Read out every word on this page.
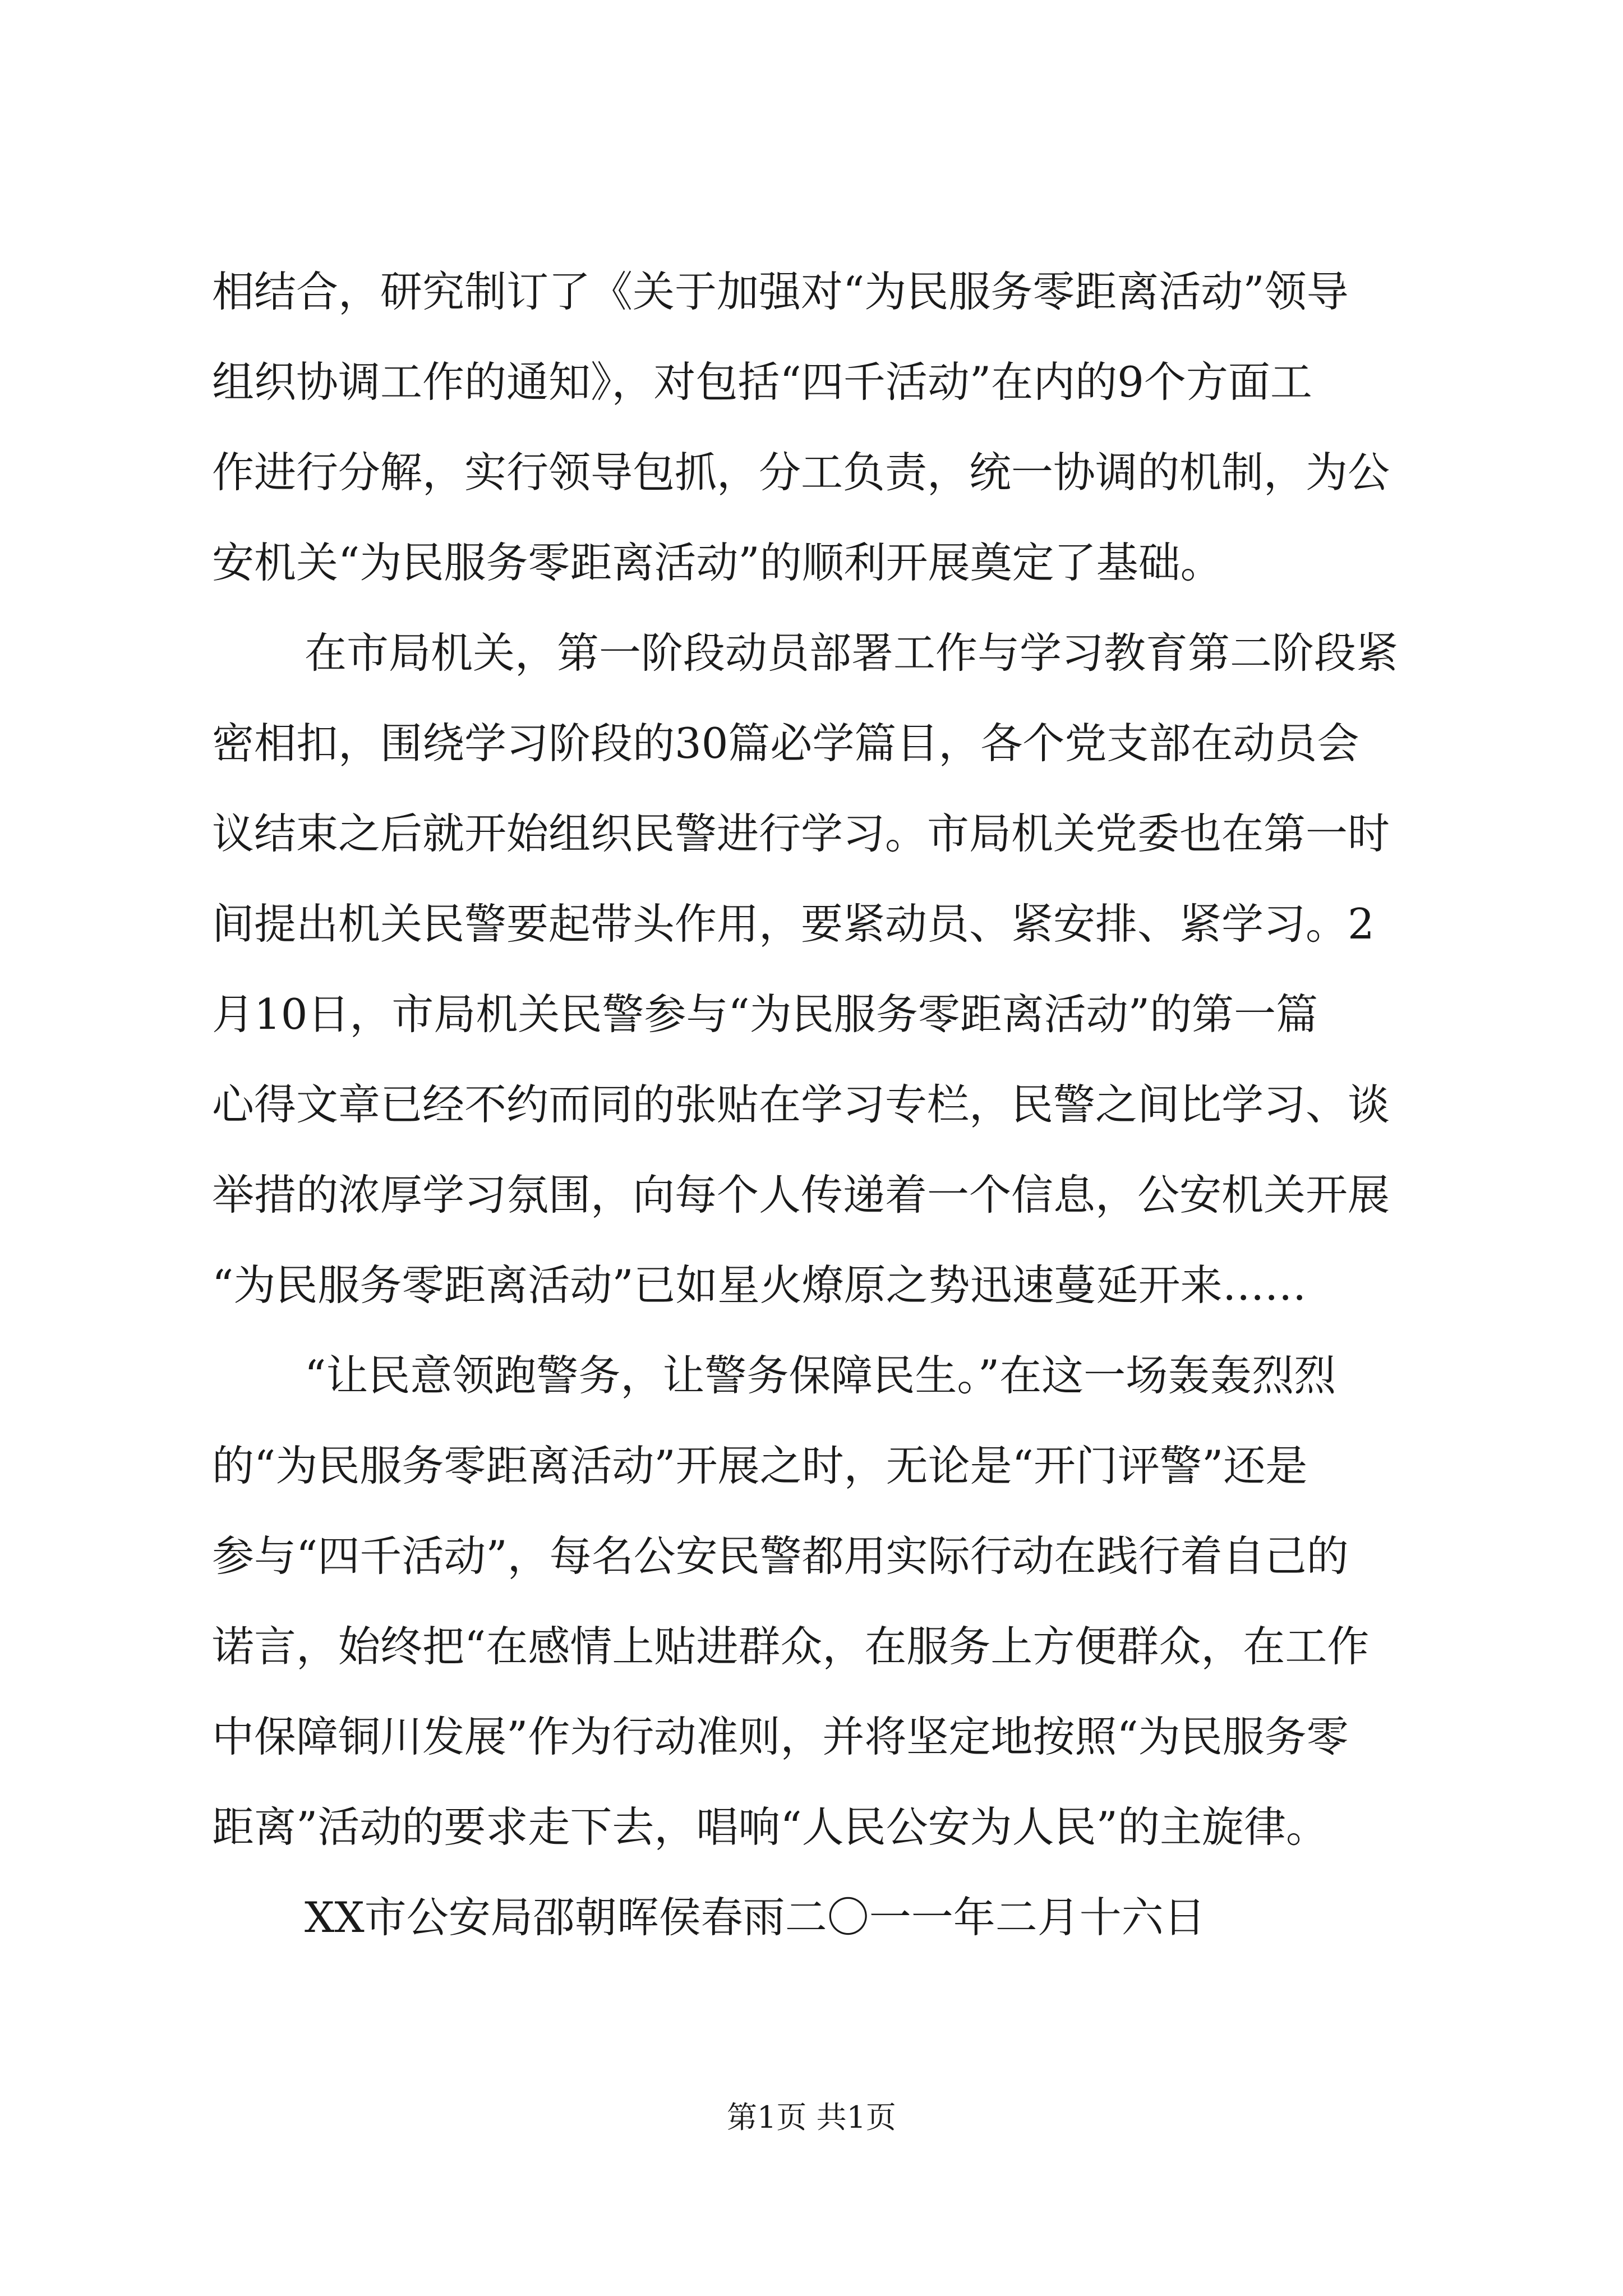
相结合，研究制订了《关于加强对“为民服务零距离活动”领导
组织协调工作的通知》，对包括“四千活动”在内的9个方面工
作进行分解，实行领导包抓，分工负责，统一协调的机制，为公
安机关“为民服务零距离活动”的顺利开展奠定了基础。
在市局机关，第一阶段动员部署工作与学习教育第二阶段紧
密相扣，围绕学习阶段的30篇必学篇目，各个党支部在动员会
议结束之后就开始组织民警进行学习。市局机关党委也在第一时
间提出机关民警要起带头作用，要紧动员、紧安排、紧学习。2
月10日，市局机关民警参与“为民服务零距离活动”的第一篇
心得文章已经不约而同的张贴在学习专栏，民警之间比学习、谈
举措的浓厚学习氛围，向每个人传递着一个信息，公安机关开展
“为民服务零距离活动”已如星火燎原之势迅速蔓延开来……
“让民意领跑警务，让警务保障民生。”在这一场轰轰烈烈
的“为民服务零距离活动”开展之时，无论是“开门评警”还是
参与“四千活动”，每名公安民警都用实际行动在践行着自己的
诺言，始终把“在感情上贴进群众，在服务上方便群众，在工作
中保障铜川发展”作为行动准则，并将坚定地按照“为民服务零
距离”活动的要求走下去，唱响“人民公安为人民”的主旋律。
XX市公安局邵朝晖侯春雨二〇一一年二月十六日
第1页 共1页
